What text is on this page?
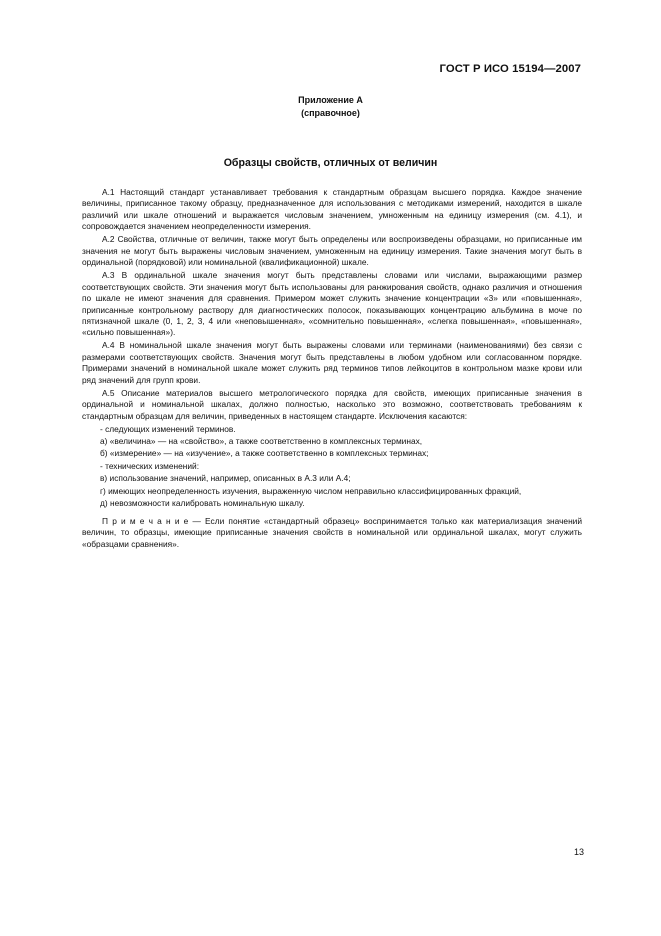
ГОСТ Р ИСО 15194—2007
Приложение А
(справочное)
Образцы свойств, отличных от величин

А.1 Настоящий стандарт устанавливает требования к стандартным образцам высшего порядка. Каждое значение величины, приписанное такому образцу, предназначенное для использования с методиками измерений, находится в шкале различий или шкале отношений и выражается числовым значением, умноженным на единицу измерения (см. 4.1), и сопровождается значением неопределенности измерения.

А.2 Свойства, отличные от величин, также могут быть определены или воспроизведены образцами, но приписанные им значения не могут быть выражены числовым значением, умноженным на единицу измерения. Такие значения могут быть в ординальной (порядковой) или номинальной (квалификационной) шкале.

А.3 В ординальной шкале значения могут быть представлены словами или числами, выражающими размер соответствующих свойств. Эти значения могут быть использованы для ранжирования свойств, однако различия и отношения по шкале не имеют значения для сравнения. Примером может служить значение концентрации «3» или «повышенная», приписанные контрольному раствору для диагностических полосок, показывающих концентрацию альбумина в моче по пятизначной шкале (0, 1, 2, 3, 4 или «неповышенная», «сомнительно повышенная», «слегка повышенная», «повышенная», «сильно повышенная»).

А.4 В номинальной шкале значения могут быть выражены словами или терминами (наименованиями) без связи с размерами соответствующих свойств. Значения могут быть представлены в любом удобном или согласованном порядке. Примерами значений в номинальной шкале может служить ряд терминов типов лейкоцитов в контрольном мазке крови или ряд значений для групп крови.

А.5 Описание материалов высшего метрологического порядка для свойств, имеющих приписанные значения в ординальной и номинальной шкалах, должно полностью, насколько это возможно, соответствовать требованиям к стандартным образцам для величин, приведенных в настоящем стандарте. Исключения касаются:

- следующих изменений терминов.

а) «величина» — на «свойство», а также соответственно в комплексных терминах,

б) «измерение» — на «изучение», а также соответственно в комплексных терминах;

- технических изменений:

в) использование значений, например, описанных в А.3 или А.4;

г) имеющих неопределенность изучения, выраженную числом неправильно классифицированных фракций,

д) невозможности калибровать номинальную шкалу.

П р и м е ч а н и е — Если понятие «стандартный образец» воспринимается только как материализация значений величин, то образцы, имеющие приписанные значения свойств в номинальной или ординальной шкалах, могут служить «образцами сравнения».

13
